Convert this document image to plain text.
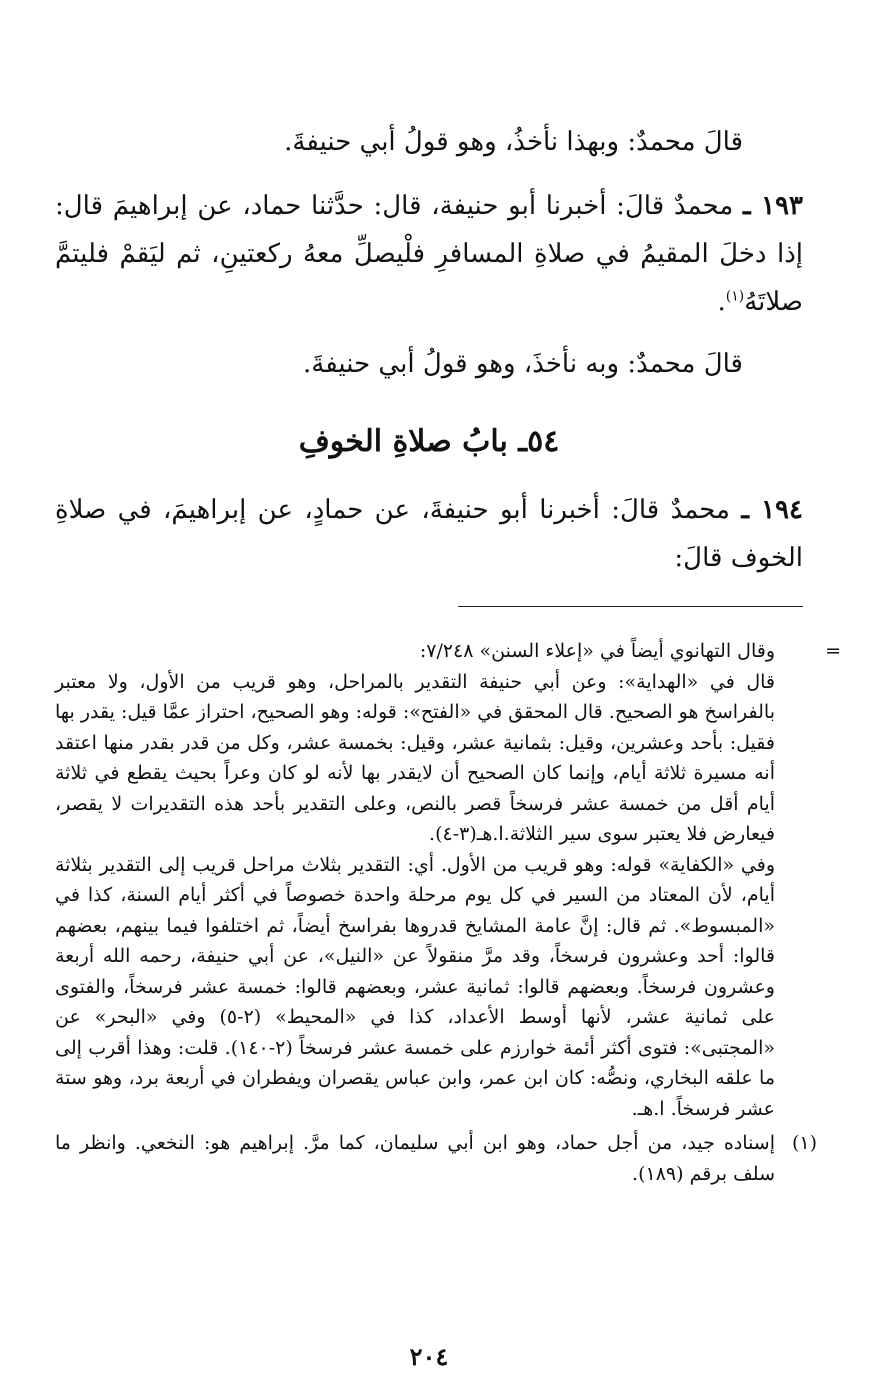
قالَ محمدٌ: وبهذا نأخذُ، وهو قولُ أبي حنيفةَ.

١٩٣ ـ محمدٌ قالَ: أخبرنا أبو حنيفة، قال: حدَّثنا حماد، عن إبراهيمَ قال: إذا دخلَ المقيمُ في صلاةِ المسافرِ فلْيصلِّ معهُ ركعتينِ، ثم ليَقمْ فليتمَّ صلاتَهُ$^{(١)}$.

قالَ محمدٌ: وبه نأخذَ، وهو قولُ أبي حنيفةَ.

٥٤ـ بابُ صلاةِ الخوفِ

١٩٤ ـ محمدٌ قالَ: أخبرنا أبو حنيفةَ، عن حمادٍ، عن إبراهيمَ، في صلاةِ الخوف قالَ:

=
وقال التهانوي أيضاً في «إعلاء السنن» ٧/٢٤٨:

قال في «الهداية»: وعن أبي حنيفة التقدير بالمراحل، وهو قريب من الأول، ولا معتبر بالفراسخ هو الصحيح. قال المحقق في «الفتح»: قوله: وهو الصحيح، احتراز عمَّا قيل: يقدر بها فقيل: بأحد وعشرين، وقيل: بثمانية عشر، وقيل: بخمسة عشر، وكل من قدر بقدر منها اعتقد أنه مسيرة ثلاثة أيام، وإنما كان الصحيح أن لايقدر بها لأنه لو كان وعراً بحيث يقطع في ثلاثة أيام أقل من خمسة عشر فرسخاً قصر بالنص، وعلى التقدير بأحد هذه التقديرات لا يقصر، فيعارض فلا يعتبر سوى سير الثلاثة.ا.هـ(٣-٤).

وفي «الكفاية» قوله: وهو قريب من الأول. أي: التقدير بثلاث مراحل قريب إلى التقدير بثلاثة أيام، لأن المعتاد من السير في كل يوم مرحلة واحدة خصوصاً في أكثر أيام السنة، كذا في «المبسوط». ثم قال: إنَّ عامة المشايخ قدروها بفراسخ أيضاً، ثم اختلفوا فيما بينهم، بعضهم قالوا: أحد وعشرون فرسخاً، وقد مرَّ منقولاً عن «النيل»، عن أبي حنيفة، رحمه الله أربعة وعشرون فرسخاً. وبعضهم قالوا: ثمانية عشر، وبعضهم قالوا: خمسة عشر فرسخاً، والفتوى على ثمانية عشر، لأنها أوسط الأعداد، كذا في «المحيط» (٢-٥) وفي «البحر» عن «المجتبى»: فتوى أكثر أئمة خوارزم على خمسة عشر فرسخاً (٢-١٤٠). قلت: وهذا أقرب إلى ما علقه البخاري، ونصُّه: كان ابن عمر، وابن عباس يقصران ويفطران في أربعة برد، وهو ستة عشر فرسخاً. ا.هـ.

(١)
إسناده جيد، من أجل حماد، وهو ابن أبي سليمان، كما مرَّ. إبراهيم هو: النخعي. وانظر ما سلف برقم (١٨٩).

٢٠٤
